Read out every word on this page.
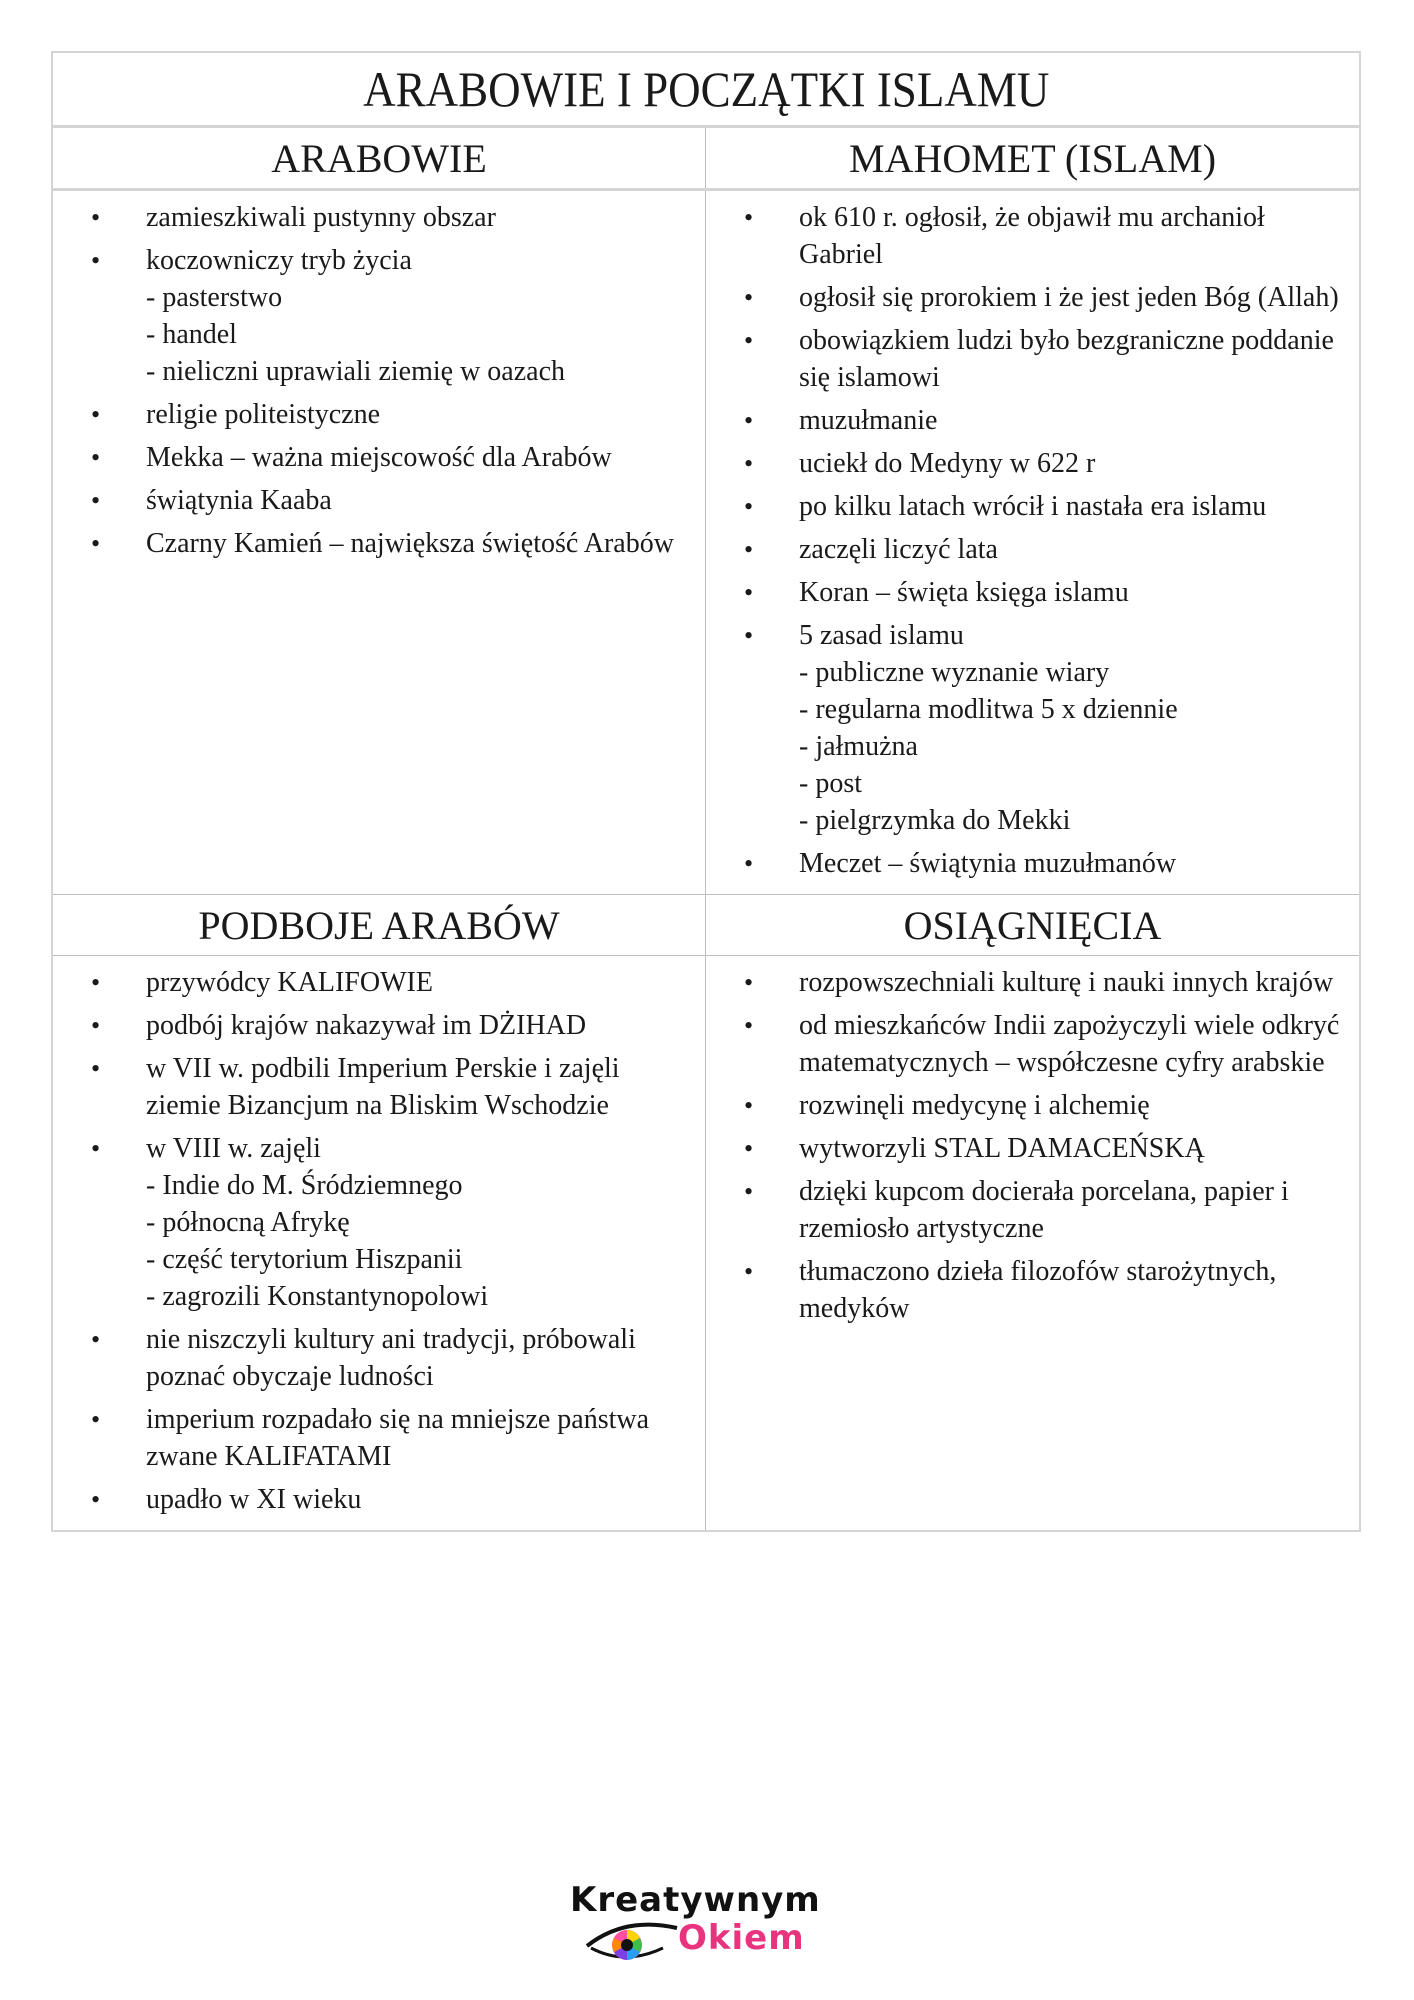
ARABOWIE I POCZĄTKI ISLAMU
ARABOWIE	MAHOMET (ISLAM)
• zamieszkiwali pustynny obszar
• koczowniczy tryb życia
- pasterstwo
- handel
- nieliczni uprawiali ziemię w oazach
• religie politeistyczne
• Mekka – ważna miejscowość dla Arabów
• świątynia Kaaba
• Czarny Kamień – największa świętość Arabów
• ok 610 r. ogłosił, że objawił mu archanioł Gabriel
• ogłosił się prorokiem i że jest jeden Bóg (Allah)
• obowiązkiem ludzi było bezgraniczne poddanie się islamowi
• muzułmanie
• uciekł do Medyny w 622 r
• po kilku latach wrócił i nastała era islamu
• zaczęli liczyć lata
• Koran – święta księga islamu
• 5 zasad islamu
- publiczne wyznanie wiary
- regularna modlitwa 5 x dziennie
- jałmużna
- post
- pielgrzymka do Mekki
• Meczet – świątynia muzułmanów
PODBOJE ARABÓW	OSIĄGNIĘCIA
• przywódcy KALIFOWIE
• podbój krajów nakazywał im DŻIHAD
• w VII w. podbili Imperium Perskie i zajęli ziemie Bizancjum na Bliskim Wschodzie
• w VIII w. zajęli
- Indie do M. Śródziemnego
- północną Afrykę
- część terytorium Hiszpanii
- zagrozili Konstantynopolowi
• nie niszczyli kultury ani tradycji, próbowali poznać obyczaje ludności
• imperium rozpadało się na mniejsze państwa zwane KALIFATAMI
• upadło w XI wieku
• rozpowszechniali kulturę i nauki innych krajów
• od mieszkańców Indii zapożyczyli wiele odkryć matematycznych – współczesne cyfry arabskie
• rozwinęli medycynę i alchemię
• wytworzyli STAL DAMACEŃSKĄ
• dzięki kupcom docierała porcelana, papier i rzemiosło artystyczne
• tłumaczono dzieła filozofów starożytnych, medyków
Kreatywnym
Okiem
